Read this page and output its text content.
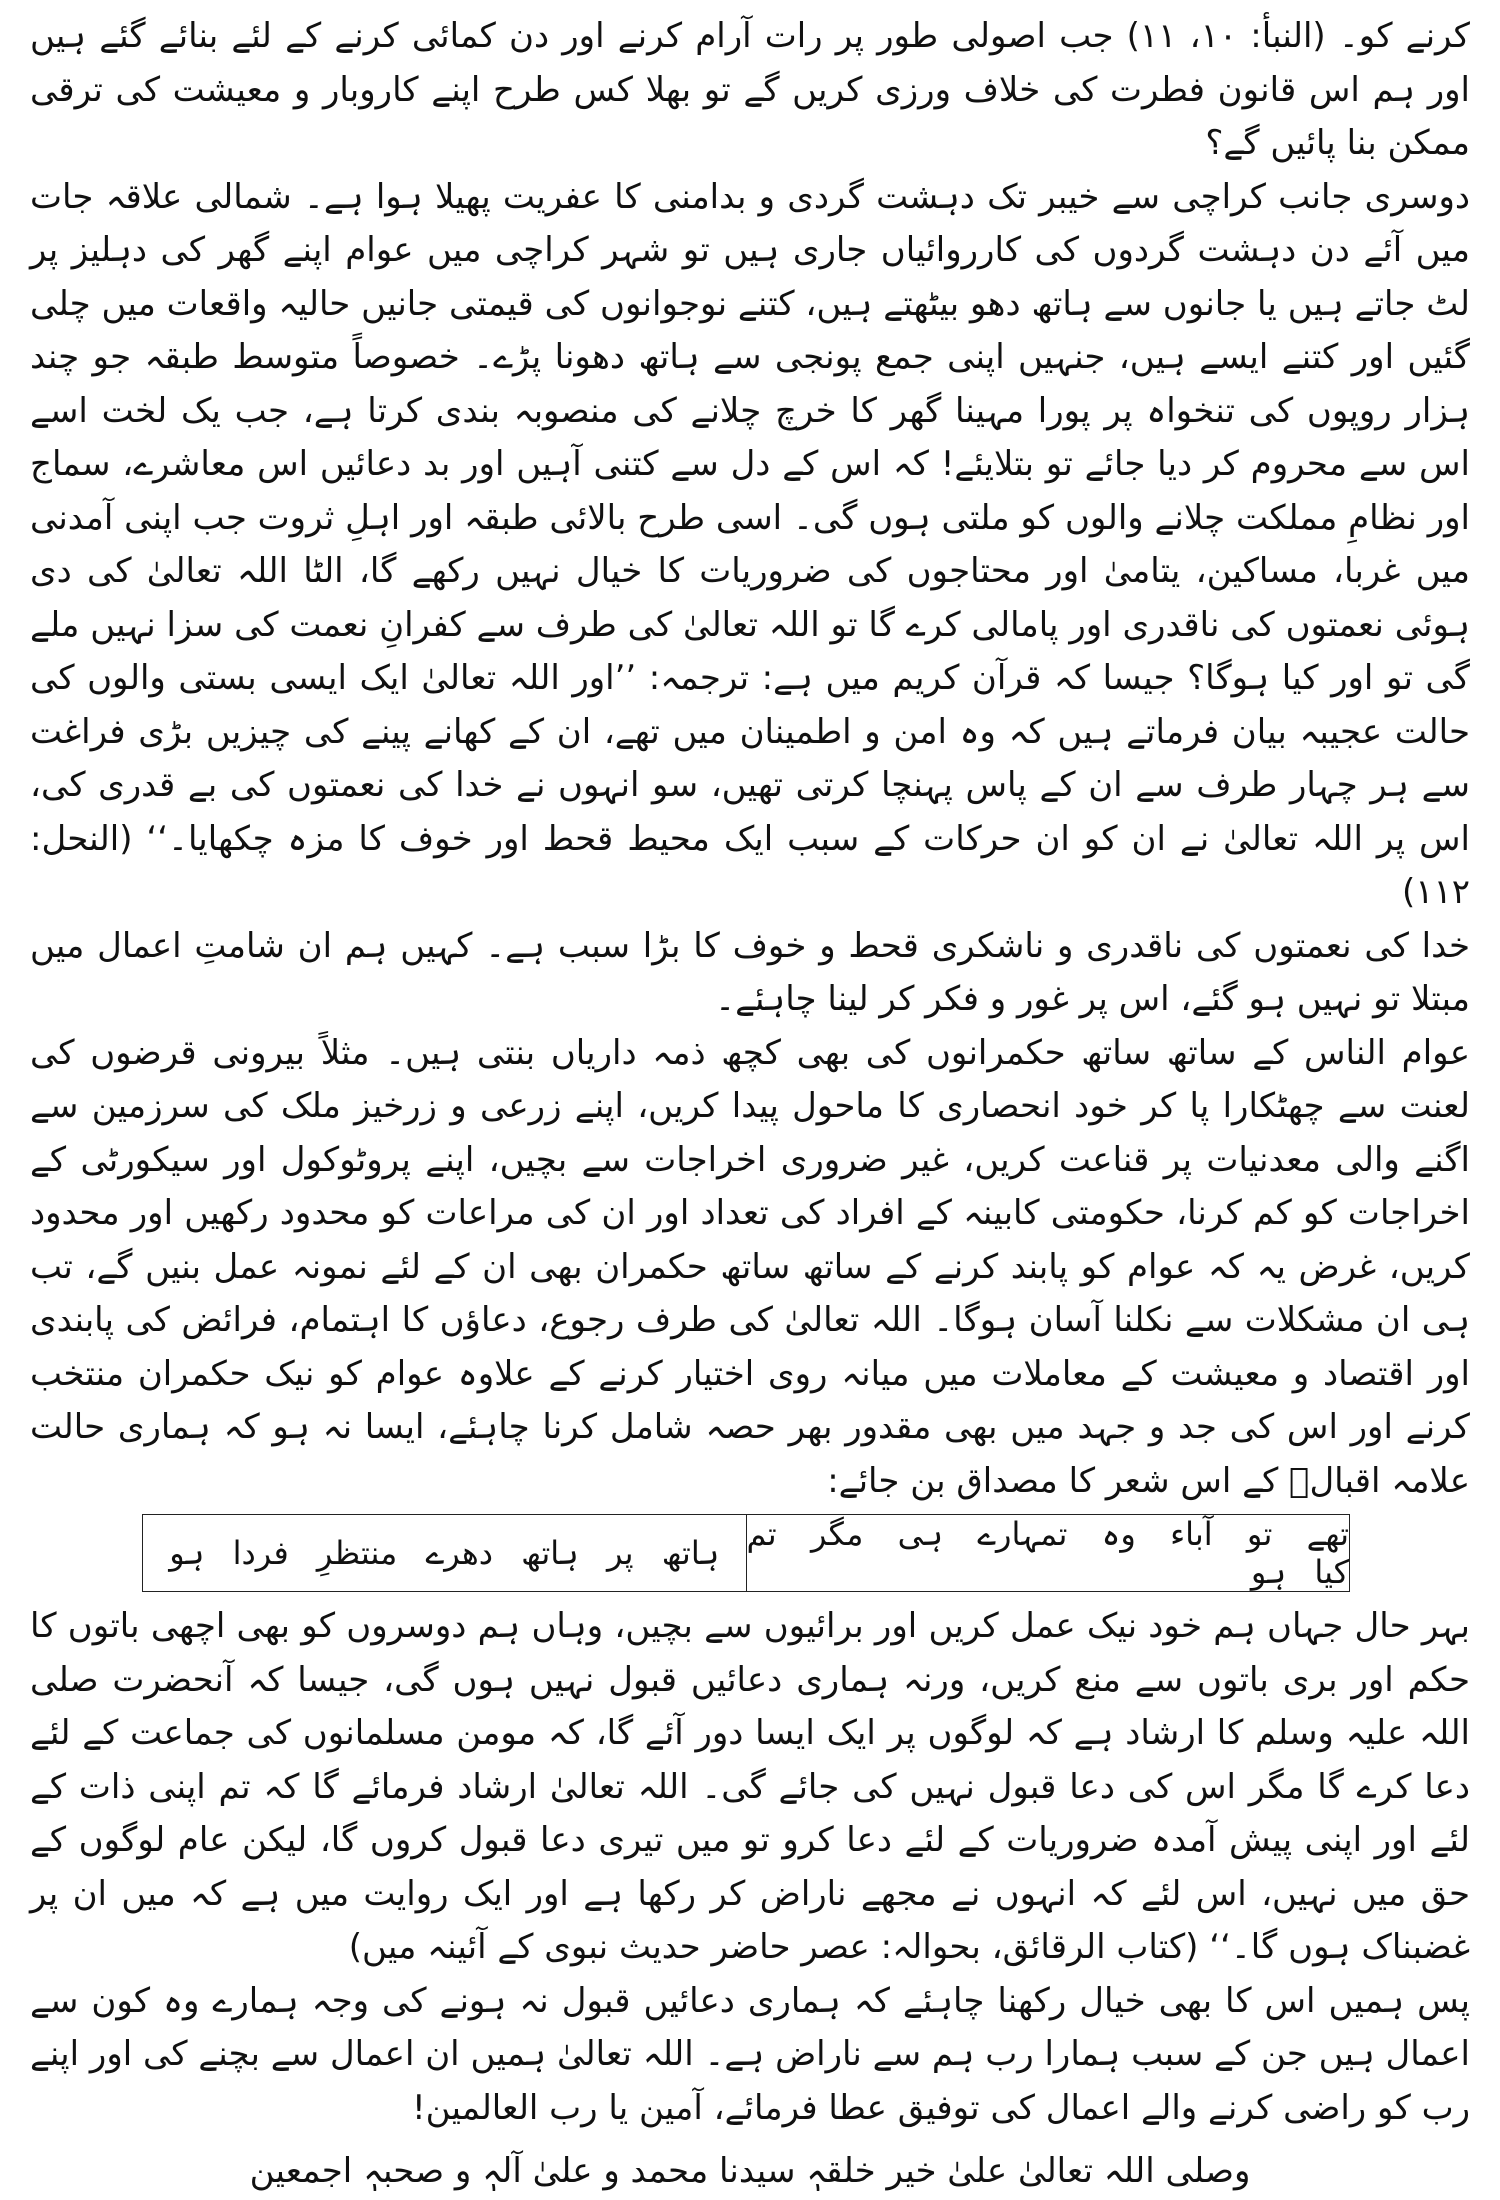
کرنے کو۔ (النبأ: ۱۰، ۱۱) جب اصولی طور پر رات آرام کرنے اور دن کمائی کرنے کے لئے بنائے گئے ہیں اور ہم اس قانون فطرت کی خلاف ورزی کریں گے تو بھلا کس طرح اپنے کاروبار و معیشت کی ترقی ممکن بنا پائیں گے؟

دوسری جانب کراچی سے خیبر تک دہشت گردی و بدامنی کا عفریت پھیلا ہوا ہے۔ شمالی علاقہ جات میں آئے دن دہشت گردوں کی کارروائیاں جاری ہیں تو شہر کراچی میں عوام اپنے گھر کی دہلیز پر لٹ جاتے ہیں یا جانوں سے ہاتھ دھو بیٹھتے ہیں، کتنے نوجوانوں کی قیمتی جانیں حالیہ واقعات میں چلی گئیں اور کتنے ایسے ہیں، جنہیں اپنی جمع پونجی سے ہاتھ دھونا پڑے۔ خصوصاً متوسط طبقہ جو چند ہزار روپوں کی تنخواہ پر پورا مہینا گھر کا خرچ چلانے کی منصوبہ بندی کرتا ہے، جب یک لخت اسے اس سے محروم کر دیا جائے تو بتلایئے! کہ اس کے دل سے کتنی آہیں اور بد دعائیں اس معاشرے، سماج اور نظامِ مملکت چلانے والوں کو ملتی ہوں گی۔ اسی طرح بالائی طبقہ اور اہلِ ثروت جب اپنی آمدنی میں غربا، مساکین، یتامیٰ اور محتاجوں کی ضروریات کا خیال نہیں رکھے گا، الٹا اللہ تعالیٰ کی دی ہوئی نعمتوں کی ناقدری اور پامالی کرے گا تو اللہ تعالیٰ کی طرف سے کفرانِ نعمت کی سزا نہیں ملے گی تو اور کیا ہوگا؟ جیسا کہ قرآن کریم میں ہے: ترجمہ: ’’اور اللہ تعالیٰ ایک ایسی بستی والوں کی حالت عجیبہ بیان فرماتے ہیں کہ وہ امن و اطمینان میں تھے، ان کے کھانے پینے کی چیزیں بڑی فراغت سے ہر چہار طرف سے ان کے پاس پہنچا کرتی تھیں، سو انہوں نے خدا کی نعمتوں کی بے قدری کی، اس پر اللہ تعالیٰ نے ان کو ان حرکات کے سبب ایک محیط قحط اور خوف کا مزہ چکھایا۔‘‘ (النحل: ۱۱۲)

خدا کی نعمتوں کی ناقدری و ناشکری قحط و خوف کا بڑا سبب ہے۔ کہیں ہم ان شامتِ اعمال میں مبتلا تو نہیں ہو گئے، اس پر غور و فکر کر لینا چاہئے۔

عوام الناس کے ساتھ ساتھ حکمرانوں کی بھی کچھ ذمہ داریاں بنتی ہیں۔ مثلاً بیرونی قرضوں کی لعنت سے چھٹکارا پا کر خود انحصاری کا ماحول پیدا کریں، اپنے زرعی و زرخیز ملک کی سرزمین سے اگنے والی معدنیات پر قناعت کریں، غیر ضروری اخراجات سے بچیں، اپنے پروٹوکول اور سیکورٹی کے اخراجات کو کم کرنا، حکومتی کابینہ کے افراد کی تعداد اور ان کی مراعات کو محدود رکھیں اور محدود کریں، غرض یہ کہ عوام کو پابند کرنے کے ساتھ ساتھ حکمران بھی ان کے لئے نمونہ عمل بنیں گے، تب ہی ان مشکلات سے نکلنا آسان ہوگا۔ اللہ تعالیٰ کی طرف رجوع، دعاؤں کا اہتمام، فرائض کی پابندی اور اقتصاد و معیشت کے معاملات میں میانہ روی اختیار کرنے کے علاوہ عوام کو نیک حکمران منتخب کرنے اور اس کی جد و جہد میں بھی مقدور بھر حصہ شامل کرنا چاہئے، ایسا نہ ہو کہ ہماری حالت علامہ اقبالؒ کے اس شعر کا مصداق بن جائے:

تھے تو آباء وہ تمہارے ہی مگر تم کیا ہو
ہاتھ پر ہاتھ دھرے منتظرِ فردا ہو

بہر حال جہاں ہم خود نیک عمل کریں اور برائیوں سے بچیں، وہاں ہم دوسروں کو بھی اچھی باتوں کا حکم اور بری باتوں سے منع کریں، ورنہ ہماری دعائیں قبول نہیں ہوں گی، جیسا کہ آنحضرت صلی اللہ علیہ وسلم کا ارشاد ہے کہ لوگوں پر ایک ایسا دور آئے گا، کہ مومن مسلمانوں کی جماعت کے لئے دعا کرے گا مگر اس کی دعا قبول نہیں کی جائے گی۔ اللہ تعالیٰ ارشاد فرمائے گا کہ تم اپنی ذات کے لئے اور اپنی پیش آمدہ ضروریات کے لئے دعا کرو تو میں تیری دعا قبول کروں گا، لیکن عام لوگوں کے حق میں نہیں، اس لئے کہ انہوں نے مجھے ناراض کر رکھا ہے اور ایک روایت میں ہے کہ میں ان پر غضبناک ہوں گا۔‘‘ (کتاب الرقائق، بحوالہ: عصر حاضر حدیث نبوی کے آئینہ میں)

پس ہمیں اس کا بھی خیال رکھنا چاہئے کہ ہماری دعائیں قبول نہ ہونے کی وجہ ہمارے وہ کون سے اعمال ہیں جن کے سبب ہمارا رب ہم سے ناراض ہے۔ اللہ تعالیٰ ہمیں ان اعمال سے بچنے کی اور اپنے رب کو راضی کرنے والے اعمال کی توفیق عطا فرمائے، آمین یا رب العالمین!

وصلی اللہ تعالیٰ علیٰ خیر خلقہٖ سیدنا محمد و علیٰ آلہٖ و صحبہٖ اجمعین
